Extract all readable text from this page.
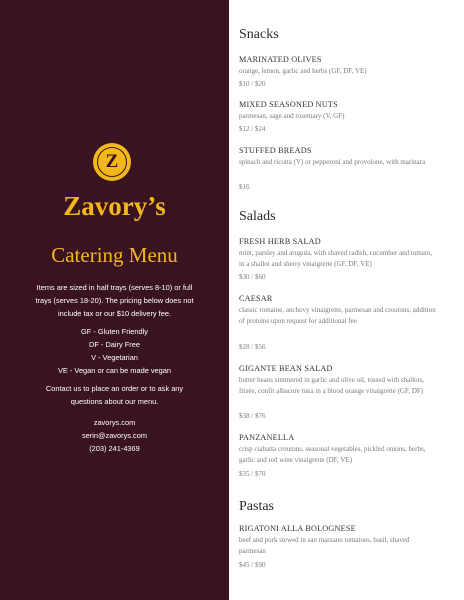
Z
Zavory’s
Catering Menu
Items are sized in half trays (serves 8-10) or full
trays (serves 18-20). The pricing below does not
include tax or our $10 delivery fee.
GF - Gluten Friendly
DF - Dairy Free
V - Vegetarian
VE - Vegan or can be made vegan
Contact us to place an order or to ask any
questions about our menu.
zavorys.com
serin@zavorys.com
(203) 241-4369
Snacks
MARINATED OLIVES
orange, lemon, garlic and herbs (GF, DF, VE)
$10 / $20
MIXED SEASONED NUTS
parmesan, sage and rosemary (V, GF)
$12 / $24
STUFFED BREADS
spinach and ricotta (V) or pepperoni and provolone, with marinara
$16
Salads
FRESH HERB SALAD
mint, parsley and arugula, with shaved radish, cucumber and tomato, in a shallot and sherry vinaigrette (GF, DF, VE)
$30 / $60
CAESAR
classic romaine, anchovy vinaigrette, parmesan and croutons, addition of proteins upon request for additional fee
$28 / $56
GIGANTE BEAN SALAD
butter beans simmered in garlic and olive oil, tossed with shallots, frisée, confit albacore tuna in a blood orange vinaigrette (GF, DF)
$38 / $76
PANZANELLA
crisp ciabatta croutons, seasonal vegetables, pickled onions, herbs, garlic and red wine vinaigrette (DF, VE)
$35 / $70
Pastas
RIGATONI ALLA BOLOGNESE
beef and pork stewed in san marzano tomatoes, basil, shaved parmesan
$45 / $90
